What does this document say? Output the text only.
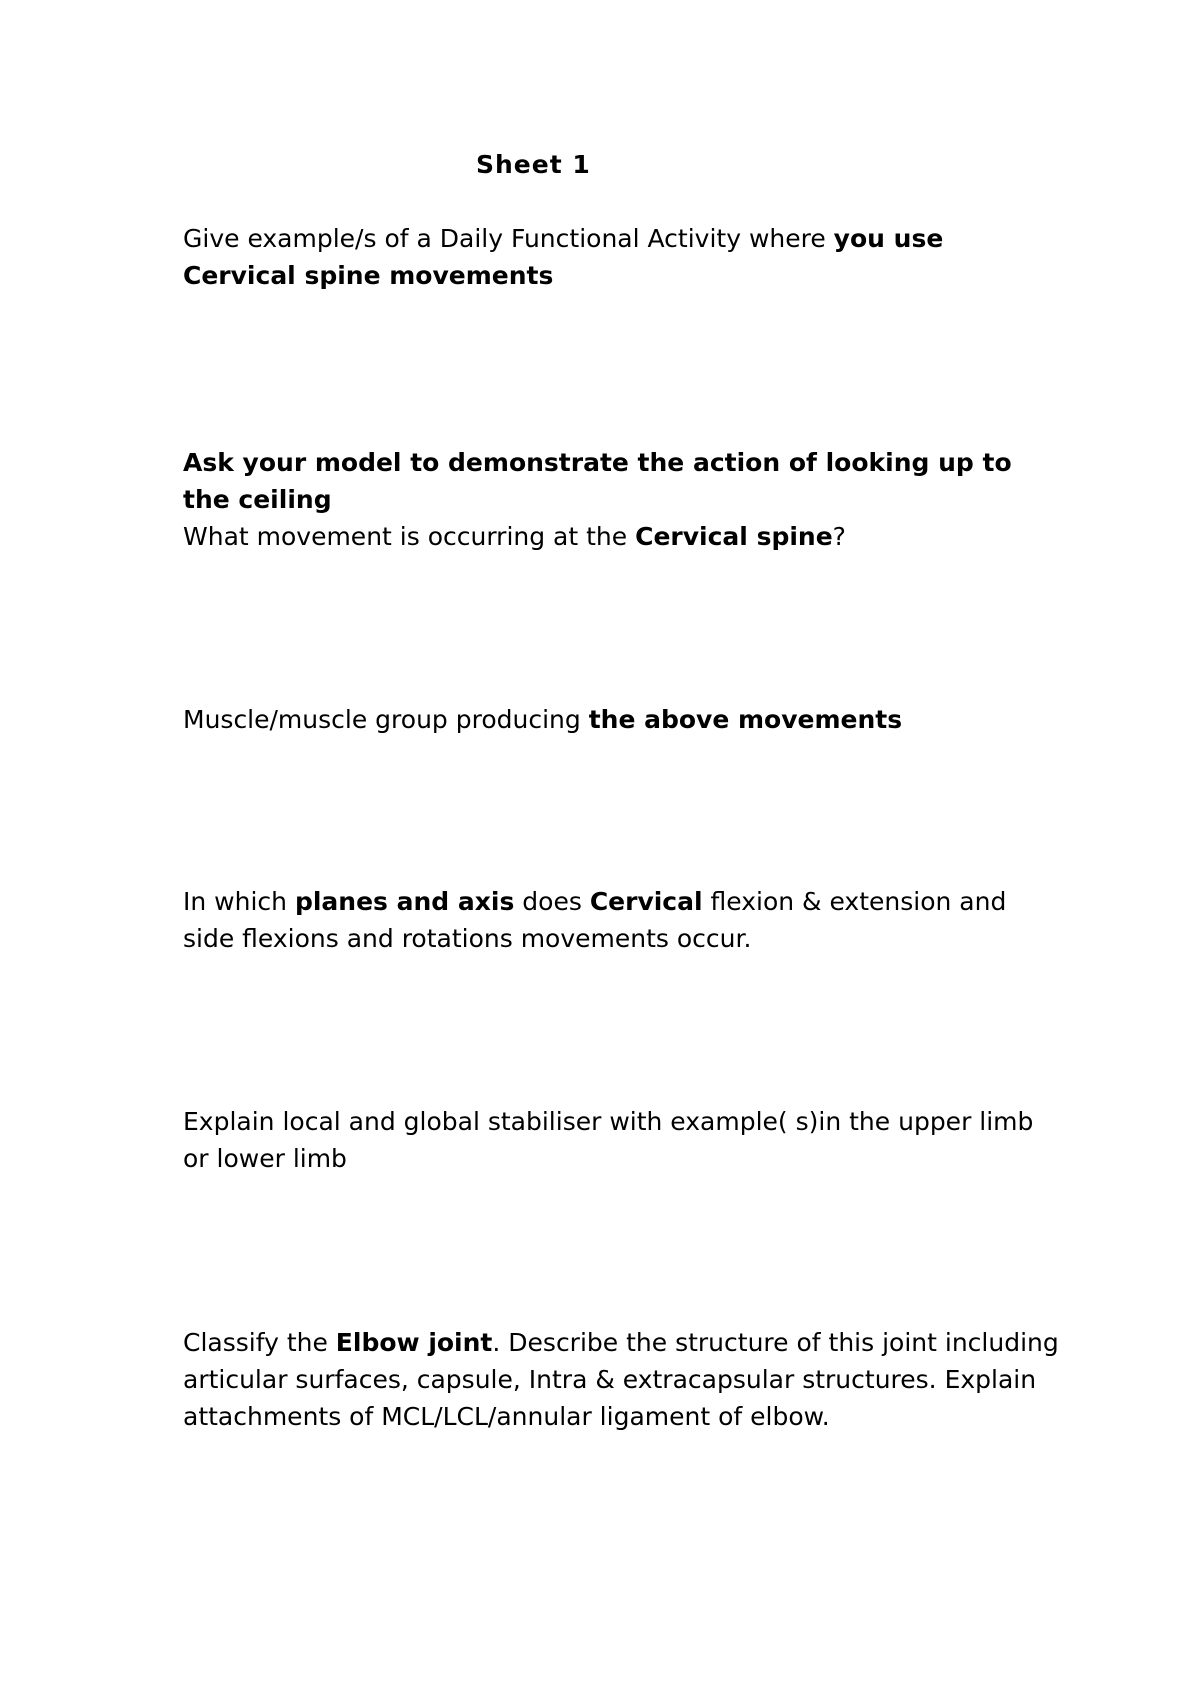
Sheet 1

Give example/s of a Daily Functional Activity where you use Cervical spine movements

Ask your model to demonstrate the action of looking up to the ceiling
What movement is occurring at the Cervical spine?

Muscle/muscle group producing the above movements

In which planes and axis does Cervical flexion & extension and side flexions and rotations movements occur.

Explain local and global stabiliser with example( s)in the upper limb or lower limb

Classify the Elbow joint. Describe the structure of this joint including articular surfaces, capsule, Intra & extracapsular structures. Explain attachments of MCL/LCL/annular ligament of elbow.
